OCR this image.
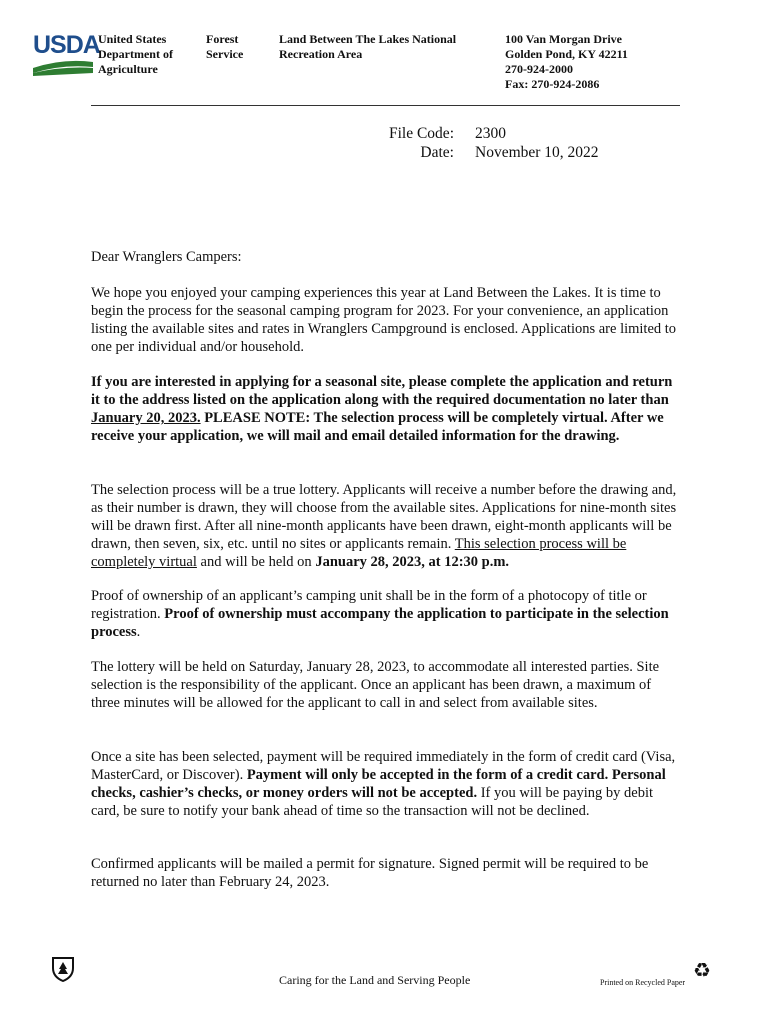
USDA
United States
Department of
Agriculture
Forest
Service
Land Between The Lakes National
Recreation Area
100 Van Morgan Drive
Golden Pond, KY 42211
270-924-2000
Fax: 270-924-2086
File Code: 2300
Date: November 10, 2022
Dear Wranglers Campers:

We hope you enjoyed your camping experiences this year at Land Between the Lakes. It is time to begin the process for the seasonal camping program for 2023. For your convenience, an application listing the available sites and rates in Wranglers Campground is enclosed. Applications are limited to one per individual and/or household.

If you are interested in applying for a seasonal site, please complete the application and return it to the address listed on the application along with the required documentation no later than January 20, 2023. PLEASE NOTE: The selection process will be completely virtual. After we receive your application, we will mail and email detailed information for the drawing.

The selection process will be a true lottery. Applicants will receive a number before the drawing and, as their number is drawn, they will choose from the available sites. Applications for nine-month sites will be drawn first. After all nine-month applicants have been drawn, eight-month applicants will be drawn, then seven, six, etc. until no sites or applicants remain. This selection process will be completely virtual and will be held on January 28, 2023, at 12:30 p.m.

Proof of ownership of an applicant’s camping unit shall be in the form of a photocopy of title or registration. Proof of ownership must accompany the application to participate in the selection process.

The lottery will be held on Saturday, January 28, 2023, to accommodate all interested parties. Site selection is the responsibility of the applicant. Once an applicant has been drawn, a maximum of three minutes will be allowed for the applicant to call in and select from available sites.

Once a site has been selected, payment will be required immediately in the form of credit card (Visa, MasterCard, or Discover). Payment will only be accepted in the form of a credit card. Personal checks, cashier’s checks, or money orders will not be accepted. If you will be paying by debit card, be sure to notify your bank ahead of time so the transaction will not be declined.

Confirmed applicants will be mailed a permit for signature. Signed permit will be required to be returned no later than February 24, 2023.

Caring for the Land and Serving People	Printed on Recycled Paper
♻
